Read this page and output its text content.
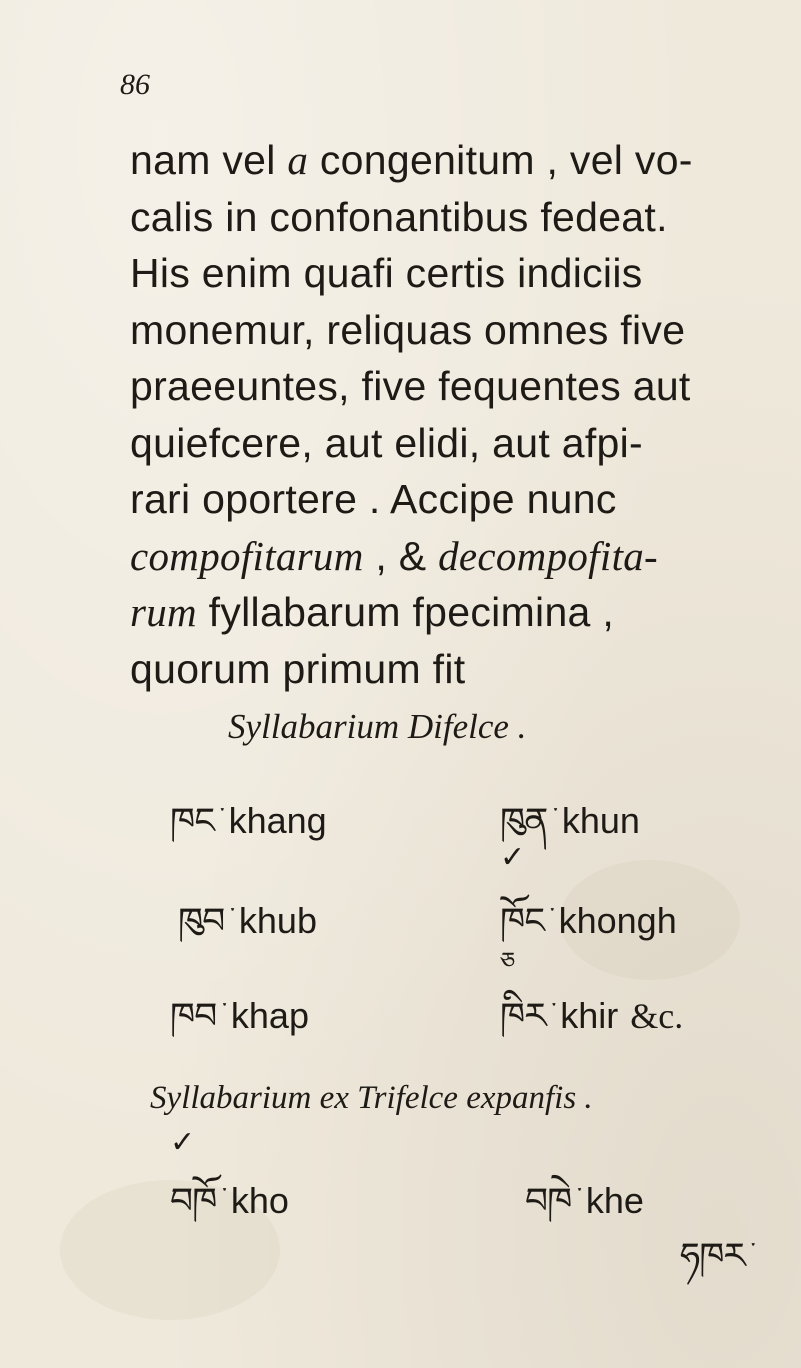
86
nam vel a congenitum , vel vo-
calis in confonantibus fedeat.
His enim quafi certis indiciis
monemur, reliquas omnes five
praeeuntes, five fequentes aut
quiefcere, aut elidi, aut afpi-
rari oportere . Accipe nunc
compofitarum , & decompofita-
rum fyllabarum fpecimina ,
quorum primum fit
Syllabarium Difelce .
ཁང ་ khang	ཁུན ་ khun
✓
ཁུབ ་ khub	ཁོང ་ khongh
ཅ
ཁབ ་ khap	ཁིར ་ khir &c.
Syllabarium ex Trifelce expanfis .
✓
བཁོ ་ kho	བཁེ ་ khe
ཧཁར ་
